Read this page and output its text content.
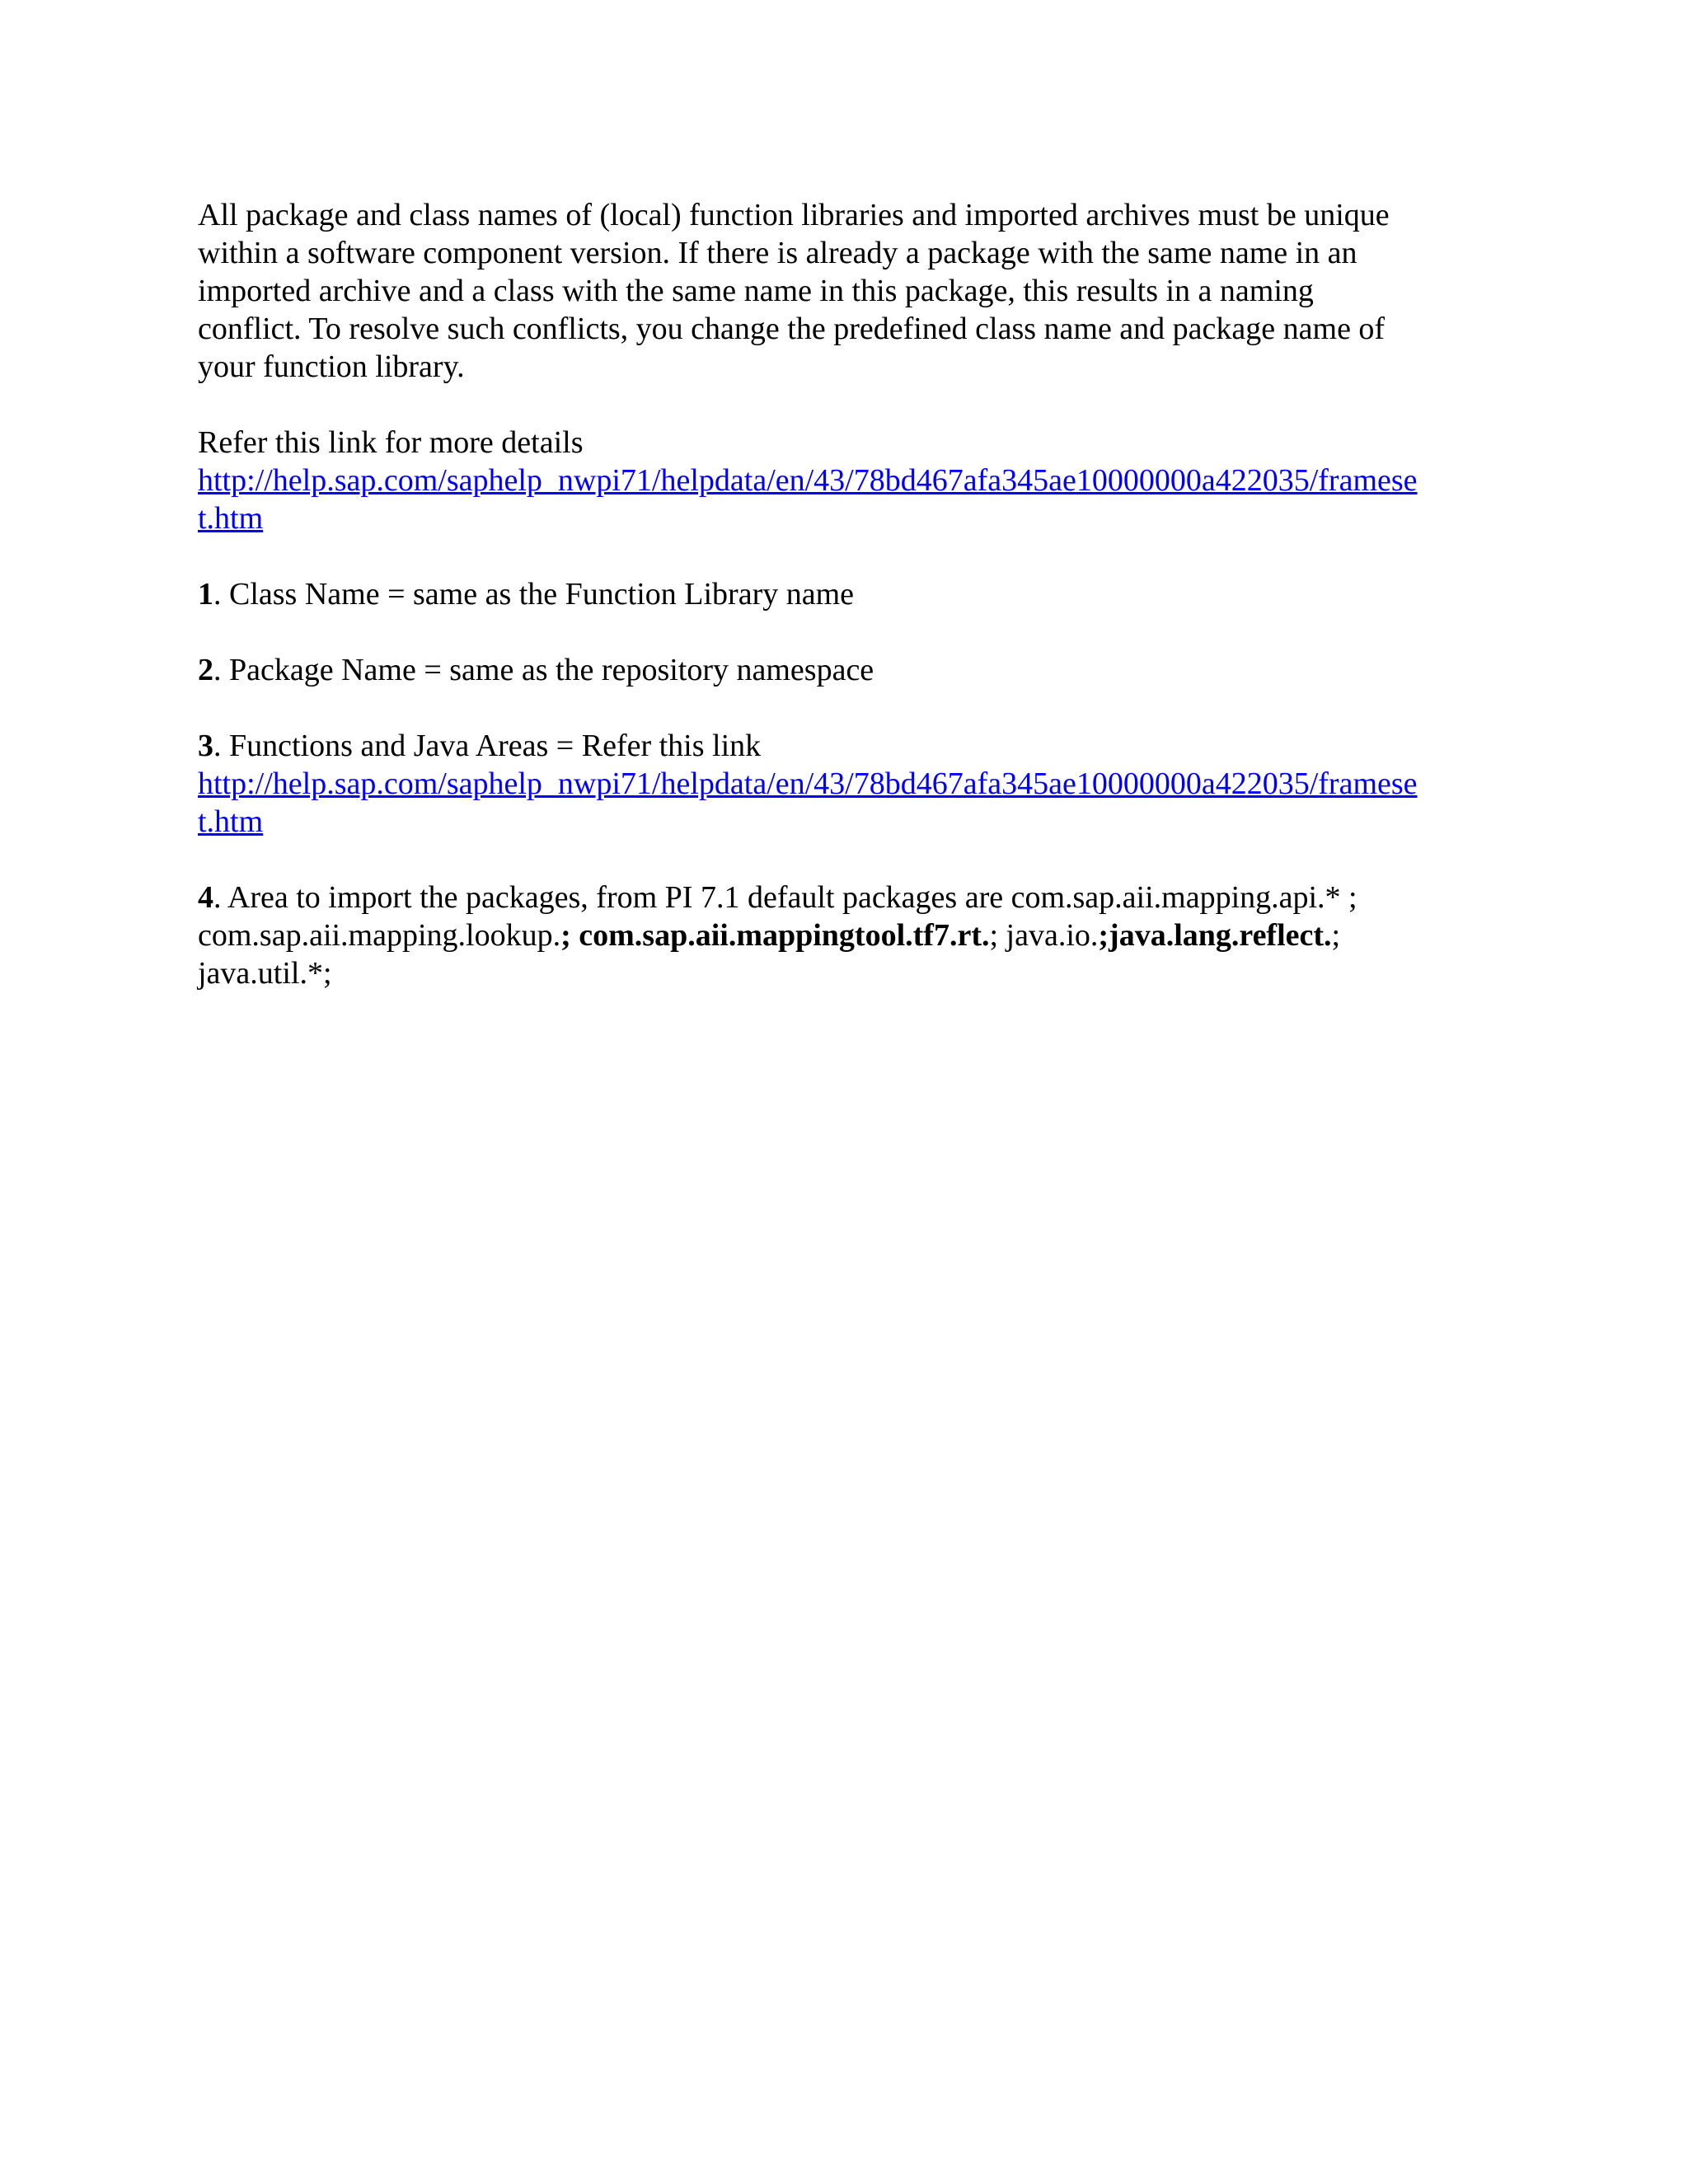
All package and class names of (local) function libraries and imported archives must be unique
within a software component version. If there is already a package with the same name in an
imported archive and a class with the same name in this package, this results in a naming
conflict. To resolve such conflicts, you change the predefined class name and package name of
your function library.

Refer this link for more details
http://help.sap.com/saphelp_nwpi71/helpdata/en/43/78bd467afa345ae10000000a422035/framese
t.htm

1. Class Name = same as the Function Library name

2. Package Name = same as the repository namespace

3. Functions and Java Areas = Refer this link
http://help.sap.com/saphelp_nwpi71/helpdata/en/43/78bd467afa345ae10000000a422035/framese
t.htm

4. Area to import the packages, from PI 7.1 default packages are com.sap.aii.mapping.api.* ;
com.sap.aii.mapping.lookup.; com.sap.aii.mappingtool.tf7.rt.; java.io.;java.lang.reflect.;
java.util.*;
